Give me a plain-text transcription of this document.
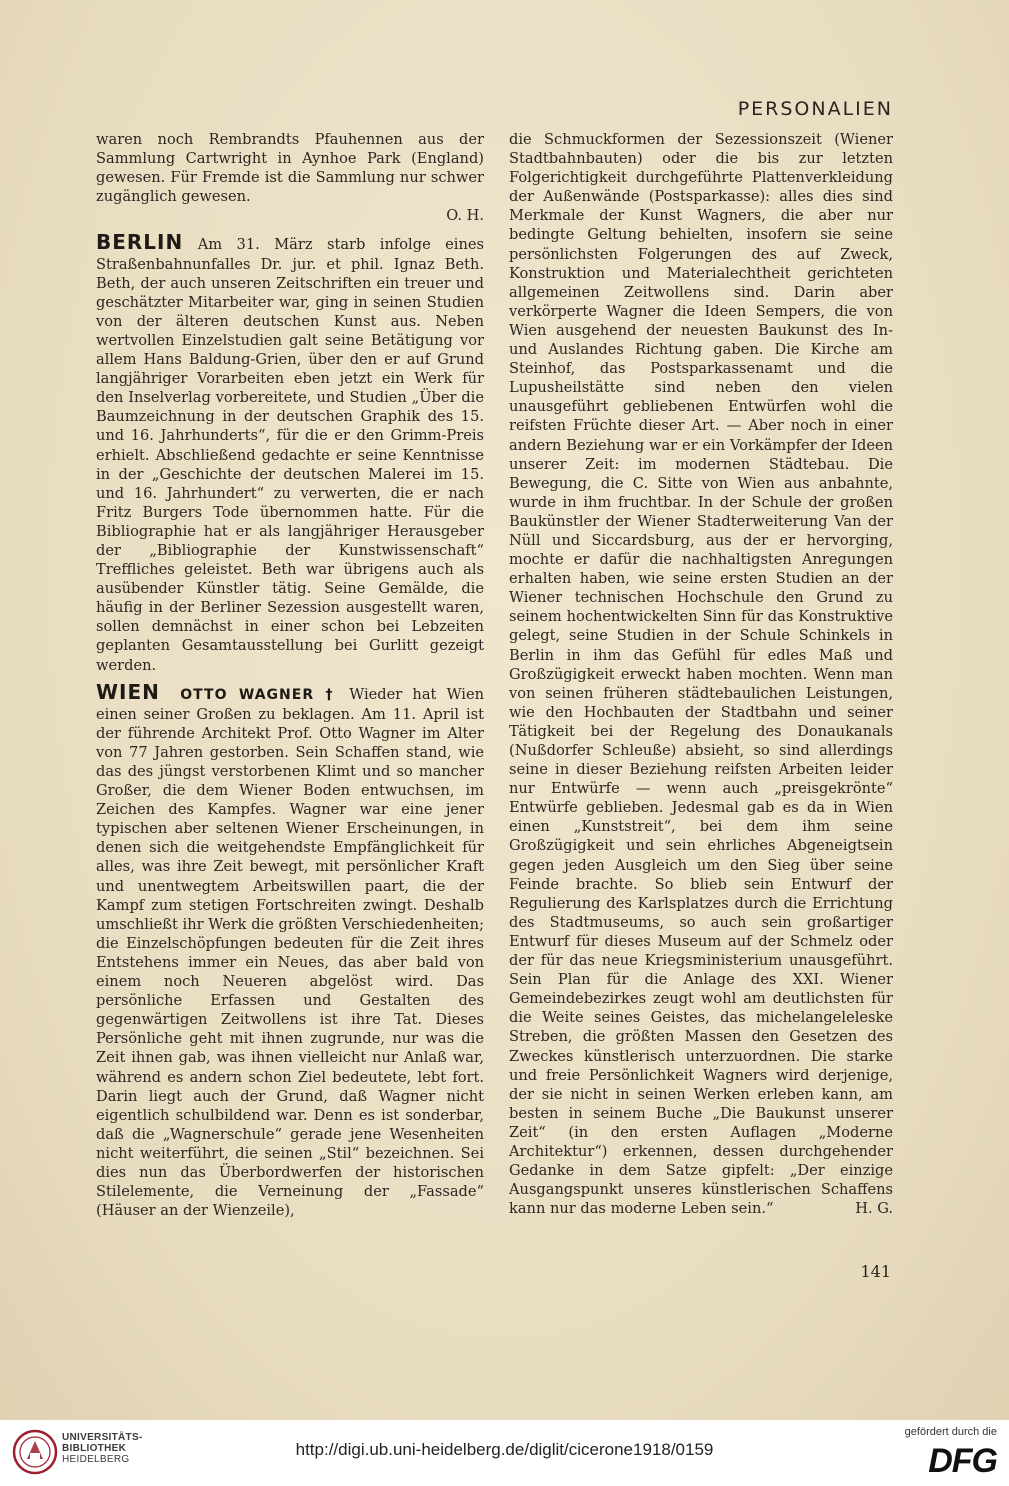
PERSONALIEN

waren noch Rembrandts Pfauhennen aus der Sammlung Cartwright in Aynhoe Park (England) gewesen. Für Fremde ist die Sammlung nur schwer zugänglich gewesen.
O. H.

BERLIN Am 31. März starb infolge eines Straßenbahnunfalles Dr. jur. et phil. Ignaz Beth. Beth, der auch unseren Zeitschriften ein treuer und geschätzter Mitarbeiter war, ging in seinen Studien von der älteren deutschen Kunst aus. Neben wertvollen Einzelstudien galt seine Betätigung vor allem Hans Baldung-Grien, über den er auf Grund langjähriger Vorarbeiten eben jetzt ein Werk für den Inselverlag vorbereitete, und Studien „Über die Baumzeichnung in der deutschen Graphik des 15. und 16. Jahrhunderts“, für die er den Grimm-Preis erhielt. Abschließend gedachte er seine Kenntnisse in der „Geschichte der deutschen Malerei im 15. und 16. Jahrhundert“ zu verwerten, die er nach Fritz Burgers Tode übernommen hatte. Für die Bibliographie hat er als langjähriger Herausgeber der „Bibliographie der Kunstwissenschaft“ Treffliches geleistet. Beth war übrigens auch als ausübender Künstler tätig. Seine Gemälde, die häufig in der Berliner Sezession ausgestellt waren, sollen demnächst in einer schon bei Lebzeiten geplanten Gesamtausstellung bei Gurlitt gezeigt werden.

WIEN OTTO WAGNER † Wieder hat Wien einen seiner Großen zu beklagen. Am 11. April ist der führende Architekt Prof. Otto Wagner im Alter von 77 Jahren gestorben. Sein Schaffen stand, wie das des jüngst verstorbenen Klimt und so mancher Großer, die dem Wiener Boden entwuchsen, im Zeichen des Kampfes. Wagner war eine jener typischen aber seltenen Wiener Erscheinungen, in denen sich die weitgehendste Empfänglichkeit für alles, was ihre Zeit bewegt, mit persönlicher Kraft und unentwegtem Arbeitswillen paart, die der Kampf zum stetigen Fortschreiten zwingt. Deshalb umschließt ihr Werk die größten Verschiedenheiten; die Einzelschöpfungen bedeuten für die Zeit ihres Entstehens immer ein Neues, das aber bald von einem noch Neueren abgelöst wird. Das persönliche Erfassen und Gestalten des gegenwärtigen Zeitwollens ist ihre Tat. Dieses Persönliche geht mit ihnen zugrunde, nur was die Zeit ihnen gab, was ihnen vielleicht nur Anlaß war, während es andern schon Ziel bedeutete, lebt fort. Darin liegt auch der Grund, daß Wagner nicht eigentlich schulbildend war. Denn es ist sonderbar, daß die „Wagnerschule“ gerade jene Wesenheiten nicht weiterführt, die seinen „Stil“ bezeichnen. Sei dies nun das Überbordwerfen der historischen Stilelemente, die Verneinung der „Fassade“ (Häuser an der Wienzeile),

die Schmuckformen der Sezessionszeit (Wiener Stadtbahnbauten) oder die bis zur letzten Folgerichtigkeit durchgeführte Plattenverkleidung der Außenwände (Postsparkasse): alles dies sind Merkmale der Kunst Wagners, die aber nur bedingte Geltung behielten, insofern sie seine persönlichsten Folgerungen des auf Zweck, Konstruktion und Materialechtheit gerichteten allgemeinen Zeitwollens sind. Darin aber verkörperte Wagner die Ideen Sempers, die von Wien ausgehend der neuesten Baukunst des In- und Auslandes Richtung gaben. Die Kirche am Steinhof, das Postsparkassenamt und die Lupusheilstätte sind neben den vielen unausgeführt gebliebenen Entwürfen wohl die reifsten Früchte dieser Art. — Aber noch in einer andern Beziehung war er ein Vorkämpfer der Ideen unserer Zeit: im modernen Städtebau. Die Bewegung, die C. Sitte von Wien aus anbahnte, wurde in ihm fruchtbar. In der Schule der großen Baukünstler der Wiener Stadterweiterung Van der Nüll und Siccardsburg, aus der er hervorging, mochte er dafür die nachhaltigsten Anregungen erhalten haben, wie seine ersten Studien an der Wiener technischen Hochschule den Grund zu seinem hochentwickelten Sinn für das Konstruktive gelegt, seine Studien in der Schule Schinkels in Berlin in ihm das Gefühl für edles Maß und Großzügigkeit erweckt haben mochten. Wenn man von seinen früheren städtebaulichen Leistungen, wie den Hochbauten der Stadtbahn und seiner Tätigkeit bei der Regelung des Donaukanals (Nußdorfer Schleuße) absieht, so sind allerdings seine in dieser Beziehung reifsten Arbeiten leider nur Entwürfe — wenn auch „preisgekrönte“ Entwürfe geblieben. Jedesmal gab es da in Wien einen „Kunststreit“, bei dem ihm seine Großzügigkeit und sein ehrliches Abgeneigtsein gegen jeden Ausgleich um den Sieg über seine Feinde brachte. So blieb sein Entwurf der Regulierung des Karlsplatzes durch die Errichtung des Stadtmuseums, so auch sein großartiger Entwurf für dieses Museum auf der Schmelz oder der für das neue Kriegsministerium unausgeführt. Sein Plan für die Anlage des XXI. Wiener Gemeindebezirkes zeugt wohl am deutlichsten für die Weite seines Geistes, das michelangeleleske Streben, die größten Massen den Gesetzen des Zweckes künstlerisch unterzuordnen. Die starke und freie Persönlichkeit Wagners wird derjenige, der sie nicht in seinen Werken erleben kann, am besten in seinem Buche „Die Baukunst unserer Zeit“ (in den ersten Auflagen „Moderne Architektur“) erkennen, dessen durchgehender Gedanke in dem Satze gipfelt: „Der einzige Ausgangspunkt unseres künstlerischen Schaffens kann nur das moderne Leben sein.“	H. G.

141
UNIVERSITÄTS-
BIBLIOTHEK
HEIDELBERG
http://digi.ub.uni-heidelberg.de/diglit/cicerone1918/0159
gefördert durch die
DFG
